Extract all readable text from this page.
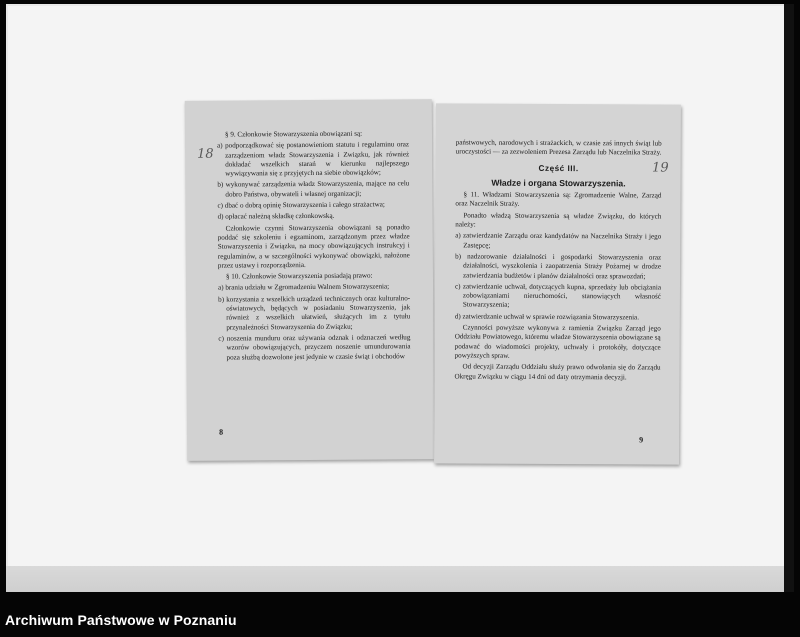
18

§ 9. Członkowie Stowarzyszenia obowiązani są:

a) podporządkować się postanowieniom statutu i regulaminu oraz zarządzeniom władz Stowarzyszenia i Związku, jak również dokładać wszelkich starań w kierunku najlepszego wywiązywania się z przyjętych na siebie obowiązków;

b) wykonywać zarządzenia władz Stowarzyszenia, mające na celu dobro Państwa, obywateli i własnej organizacji;

c) dbać o dobrą opinię Stowarzyszenia i całego strażactwa;

d) opłacać należną składkę członkowską.

Członkowie czynni Stowarzyszenia obowiązani są ponadto poddać się szkoleniu i egzaminom, zarządzonym przez władze Stowarzyszenia i Związku, na mocy obowiązujących instrukcyj i regulaminów, a w szczególności wykonywać obowiązki, nałożone przez ustawy i rozporządzenia.

§ 10. Członkowie Stowarzyszenia posiadają prawo:

a) brania udziału w Zgromadzeniu Walnem Stowarzyszenia;

b) korzystania z wszelkich urządzeń technicznych oraz kulturalno-oświatowych, będących w posiadaniu Stowarzyszenia, jak również z wszelkich ułatwień, służących im z tytułu przynależności Stowarzyszenia do Związku;

c) noszenia munduru oraz używania odznak i odznaczeń według wzorów obowiązujących, przyczem noszenie umundurowania poza służbą dozwolone jest jedynie w czasie świąt i obchodów

8
19

państwowych, narodowych i strażackich, w czasie zaś innych świąt lub uroczystości — za zezwoleniem Prezesa Zarządu lub Naczelnika Straży.

Część III.
Władze i organa Stowarzyszenia.

§ 11. Władzami Stowarzyszenia są: Zgromadzenie Walne, Zarząd oraz Naczelnik Straży.

Ponadto władzą Stowarzyszenia są władze Związku, do których należy:

a) zatwierdzanie Zarządu oraz kandydatów na Naczelnika Straży i jego Zastępcę;

b) nadzorowanie działalności i gospodarki Stowarzyszenia oraz działalności, wyszkolenia i zaopatrzenia Straży Pożarnej w drodze zatwierdzania budżetów i planów działalności oraz sprawozdań;

c) zatwierdzanie uchwał, dotyczących kupna, sprzedaży lub obciążania zobowiązaniami nieruchomości, stanowiących własność Stowarzyszenia;

d) zatwierdzanie uchwał w sprawie rozwiązania Stowarzyszenia.

Czynności powyższe wykonywa z ramienia Związku Zarząd jego Oddziału Powiatowego, któremu władze Stowarzyszenia obowiązane są podawać do wiadomości projekty, uchwały i protokóły, dotyczące powyższych spraw.

Od decyzji Zarządu Oddziału służy prawo odwołania się do Zarządu Okręgu Związku w ciągu 14 dni od daty otrzymania decyzji.

9
Archiwum Państwowe w Poznaniu
